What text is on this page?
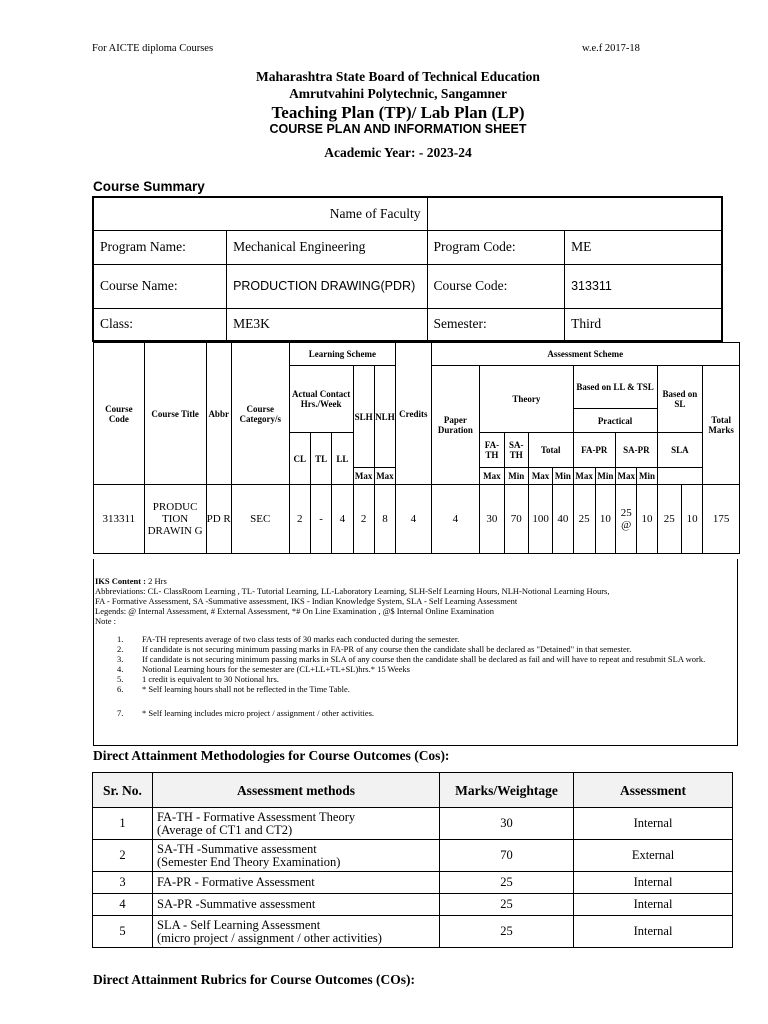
For AICTE diploma Courses	w.e.f 2017-18
Maharashtra State Board of Technical Education
Amrutvahini Polytechnic, Sangamner
Teaching Plan (TP)/ Lab Plan (LP)
COURSE PLAN AND INFORMATION SHEET
Academic Year: - 2023-24
Course Summary
Name of Faculty			
Program Name:	Mechanical Engineering	Program Code:	ME
Course Name:	PRODUCTION DRAWING(PDR)	Course Code:	313311
Class:	ME3K	Semester:	Third
Course Code	Course Title	Abbr	Course Category/s	Learning Scheme					Credits	Assessment Scheme											
				Actual Contact Hrs./Week			SLH	NLH		Paper Duration	Theory				Based on LL & TSL				Based on SL		Total Marks
															Practical						
				CL	TL	LL					FA-TH	SA-TH	Total		FA-PR		SA-PR		SLA		
							Max	Max			Max	Min	Max	Min	Max	Min	Max	Min			
313311	PRODUC TION DRAWIN G	PD R	SEC	2	-	4	2	8	4	4	30	70	100	40	25	10	25 @	10	25	10	175
IKS Content : 2 Hrs
Abbreviations: CL- ClassRoom Learning , TL- Tutorial Learning, LL-Laboratory Learning, SLH-Self Learning Hours, NLH-Notional Learning Hours,
FA - Formative Assessment, SA -Summative assessment, IKS - Indian Knowledge System, SLA - Self Learning Assessment
Legends: @ Internal Assessment, # External Assessment, *# On Line Examination , @$ Internal Online Examination
Note :
1.	FA-TH represents average of two class tests of 30 marks each conducted during the semester.
2.	If candidate is not securing minimum passing marks in FA-PR of any course then the candidate shall be declared as "Detained" in that semester.
3.	If candidate is not securing minimum passing marks in SLA of any course then the candidate shall be declared as fail and will have to repeat and resubmit SLA work.
4.	Notional Learning hours for the semester are (CL+LL+TL+SL)hrs.* 15 Weeks
5.	1 credit is equivalent to 30 Notional hrs.
6.	* Self learning hours shall not be reflected in the Time Table.
7.	* Self learning includes micro project / assignment / other activities.
Direct Attainment Methodologies for Course Outcomes (Cos):
Sr. No.	Assessment methods	Marks/Weightage	Assessment
1	FA-TH - Formative Assessment Theory
(Average of CT1 and CT2)	30	Internal
2	SA-TH -Summative assessment
(Semester End Theory Examination)	70	External
3	FA-PR - Formative Assessment	25	Internal
4	SA-PR -Summative assessment	25	Internal
5	SLA - Self Learning Assessment
(micro project / assignment / other activities)	25	Internal
Direct Attainment Rubrics for Course Outcomes (COs):
